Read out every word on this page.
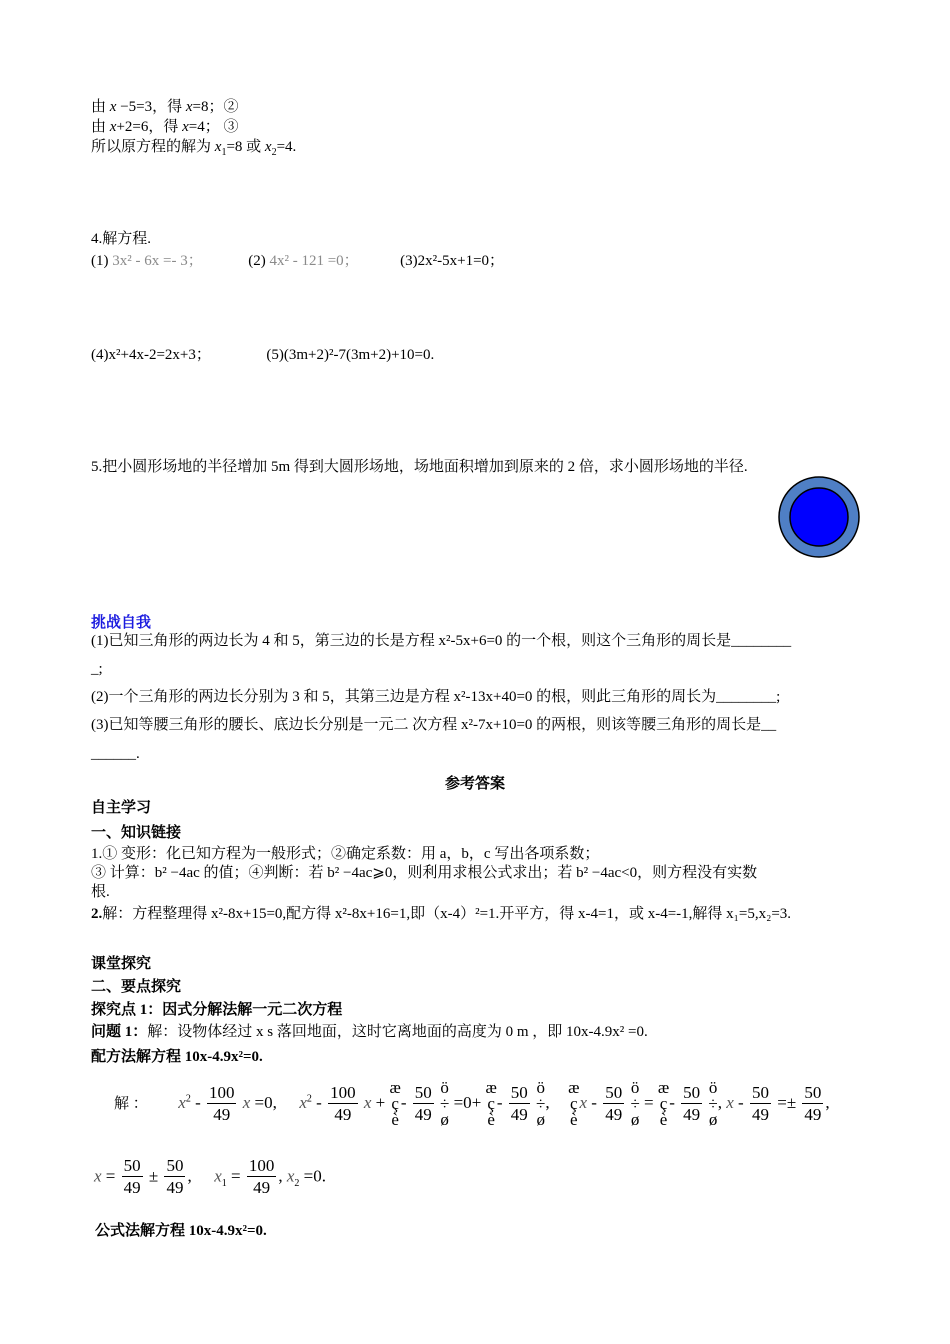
由 x −5=3，得 x=8；②
由 x+2=6，得 x=4； ③
所以原方程的解为 $x_1=8$ 或 $x_2=4$.
4.解方程.
(1) 3x² - 6x =- 3；	(2) 4x² - 121 =0；	(3)2x²-5x+1=0；
(4)x²+4x-2=2x+3；	(5)(3m+2)²-7(3m+2)+10=0.
5.把小圆形场地的半径增加 5m 得到大圆形场地，场地面积增加到原来的 2 倍，求小圆形场地的半径.
挑战自我
(1)已知三角形的两边长为 4 和 5，第三边的长是方程 x²-5x+6=0 的一个根，则这个三角形的周长是________
_;
(2)一个三角形的两边长分别为 3 和 5，其第三边是方程 x²-13x+40=0 的根，则此三角形的周长为________;
(3)已知等腰三角形的腰长、底边长分别是一元二 次方程 x²-7x+10=0 的两根，则该等腰三角形的周长是__
______.
参考答案
自主学习
一、知识链接
1.① 变形：化已知方程为一般形式；②确定系数：用 a，b，c 写出各项系数；
③ 计算：b² −4ac 的值；④判断：若 b² −4ac⩾0，则利用求根公式求出；若 b² −4ac<0，则方程没有实数
根.
2.解：方程整理得 x²-8x+15=0,配方得 x²-8x+16=1,即（x-4）²=1.开平方，得 x-4=1，或 x-4=-1,解得 x₁=5,x₂=3.
课堂探究
二、要点探究
探究点 1：因式分解法解一元二次方程
问题 1：解：设物体经过 x s 落回地面，这时它离地面的高度为 0 m ，即 10x-4.9x² =0.
配方法解方程 10x-4.9x²=0.
解 ： $x^2 - \frac{100}{49}$ x =0, $x^2 - \frac{100}{49}$ x + æ
ç
è- $\frac{50}{49}$ ö
÷
ø =0+ æ
ç
è- $\frac{50}{49}$ ö
÷
ø,  æ
ç
èx - $\frac{50}{49}$ ö
÷
ø = æ
ç
è- $\frac{50}{49}$ ö
÷
ø, $x - \frac{50}{49} =\pm \frac{50}{49}$ ,
$x = \frac{50}{49} \pm \frac{50}{49}$ , $x_1 = \frac{100}{49}$ , $x_2 =0$.
公式法解方程 10x-4.9x²=0.
